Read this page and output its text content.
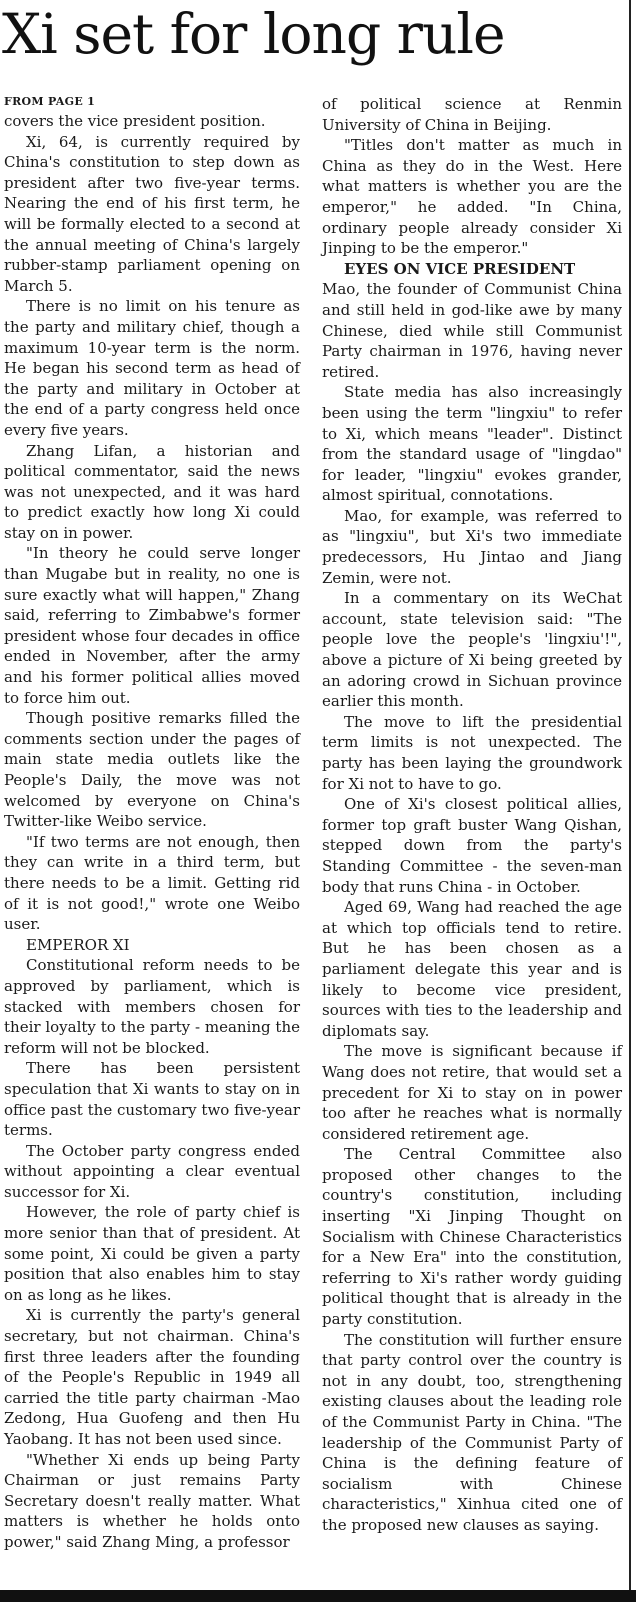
Xi set for long rule
FROM PAGE 1

covers the vice president position.

Xi, 64, is currently required by China's constitution to step down as president after two five-year terms. Nearing the end of his first term, he will be formally elected to a second at the annual meeting of China's largely rubber-stamp parliament opening on March 5.

There is no limit on his tenure as the party and military chief, though a maximum 10-year term is the norm. He began his second term as head of the party and military in October at the end of a party congress held once every five years.

Zhang Lifan, a historian and political commentator, said the news was not unexpected, and it was hard to predict exactly how long Xi could stay on in power.

"In theory he could serve longer than Mugabe but in reality, no one is sure exactly what will happen," Zhang said, referring to Zimbabwe's former president whose four decades in office ended in November, after the army and his former political allies moved to force him out.

Though positive remarks filled the comments section under the pages of main state media outlets like the People's Daily, the move was not welcomed by everyone on China's Twitter-like Weibo service.

"If two terms are not enough, then they can write in a third term, but there needs to be a limit. Getting rid of it is not good!," wrote one Weibo user.

EMPEROR XI

Constitutional reform needs to be approved by parliament, which is stacked with members chosen for their loyalty to the party - meaning the reform will not be blocked.

There has been persistent speculation that Xi wants to stay on in office past the customary two five-year terms.

The October party congress ended without appointing a clear eventual successor for Xi.

However, the role of party chief is more senior than that of president. At some point, Xi could be given a party position that also enables him to stay on as long as he likes.

Xi is currently the party's general secretary, but not chairman. China's first three leaders after the founding of the People's Republic in 1949 all carried the title party chairman -Mao Zedong, Hua Guofeng and then Hu Yaobang. It has not been used since.

"Whether Xi ends up being Party Chairman or just remains Party Secretary doesn't really matter. What matters is whether he holds onto power," said Zhang Ming, a professor

of political science at Renmin University of China in Beijing.

"Titles don't matter as much in China as they do in the West. Here what matters is whether you are the emperor," he added. "In China, ordinary people already consider Xi Jinping to be the emperor."

EYES ON VICE PRESIDENT

Mao, the founder of Communist China and still held in god-like awe by many Chinese, died while still Communist Party chairman in 1976, having never retired.

State media has also increasingly been using the term "lingxiu" to refer to Xi, which means "leader". Distinct from the standard usage of "lingdao" for leader, "lingxiu" evokes grander, almost spiritual, connotations.

Mao, for example, was referred to as "lingxiu", but Xi's two immediate predecessors, Hu Jintao and Jiang Zemin, were not.

In a commentary on its WeChat account, state television said: "The people love the people's 'lingxiu'!", above a picture of Xi being greeted by an adoring crowd in Sichuan province earlier this month.

The move to lift the presidential term limits is not unexpected. The party has been laying the groundwork for Xi not to have to go.

One of Xi's closest political allies, former top graft buster Wang Qishan, stepped down from the party's Standing Committee - the seven-man body that runs China - in October.

Aged 69, Wang had reached the age at which top officials tend to retire. But he has been chosen as a parliament delegate this year and is likely to become vice president, sources with ties to the leadership and diplomats say.

The move is significant because if Wang does not retire, that would set a precedent for Xi to stay on in power too after he reaches what is normally considered retirement age.

The Central Committee also proposed other changes to the country's constitution, including inserting "Xi Jinping Thought on Socialism with Chinese Characteristics for a New Era" into the constitution, referring to Xi's rather wordy guiding political thought that is already in the party constitution.

The constitution will further ensure that party control over the country is not in any doubt, too, strengthening existing clauses about the leading role of the Communist Party in China. "The leadership of the Communist Party of China is the defining feature of socialism with Chinese characteristics," Xinhua cited one of the proposed new clauses as saying.
